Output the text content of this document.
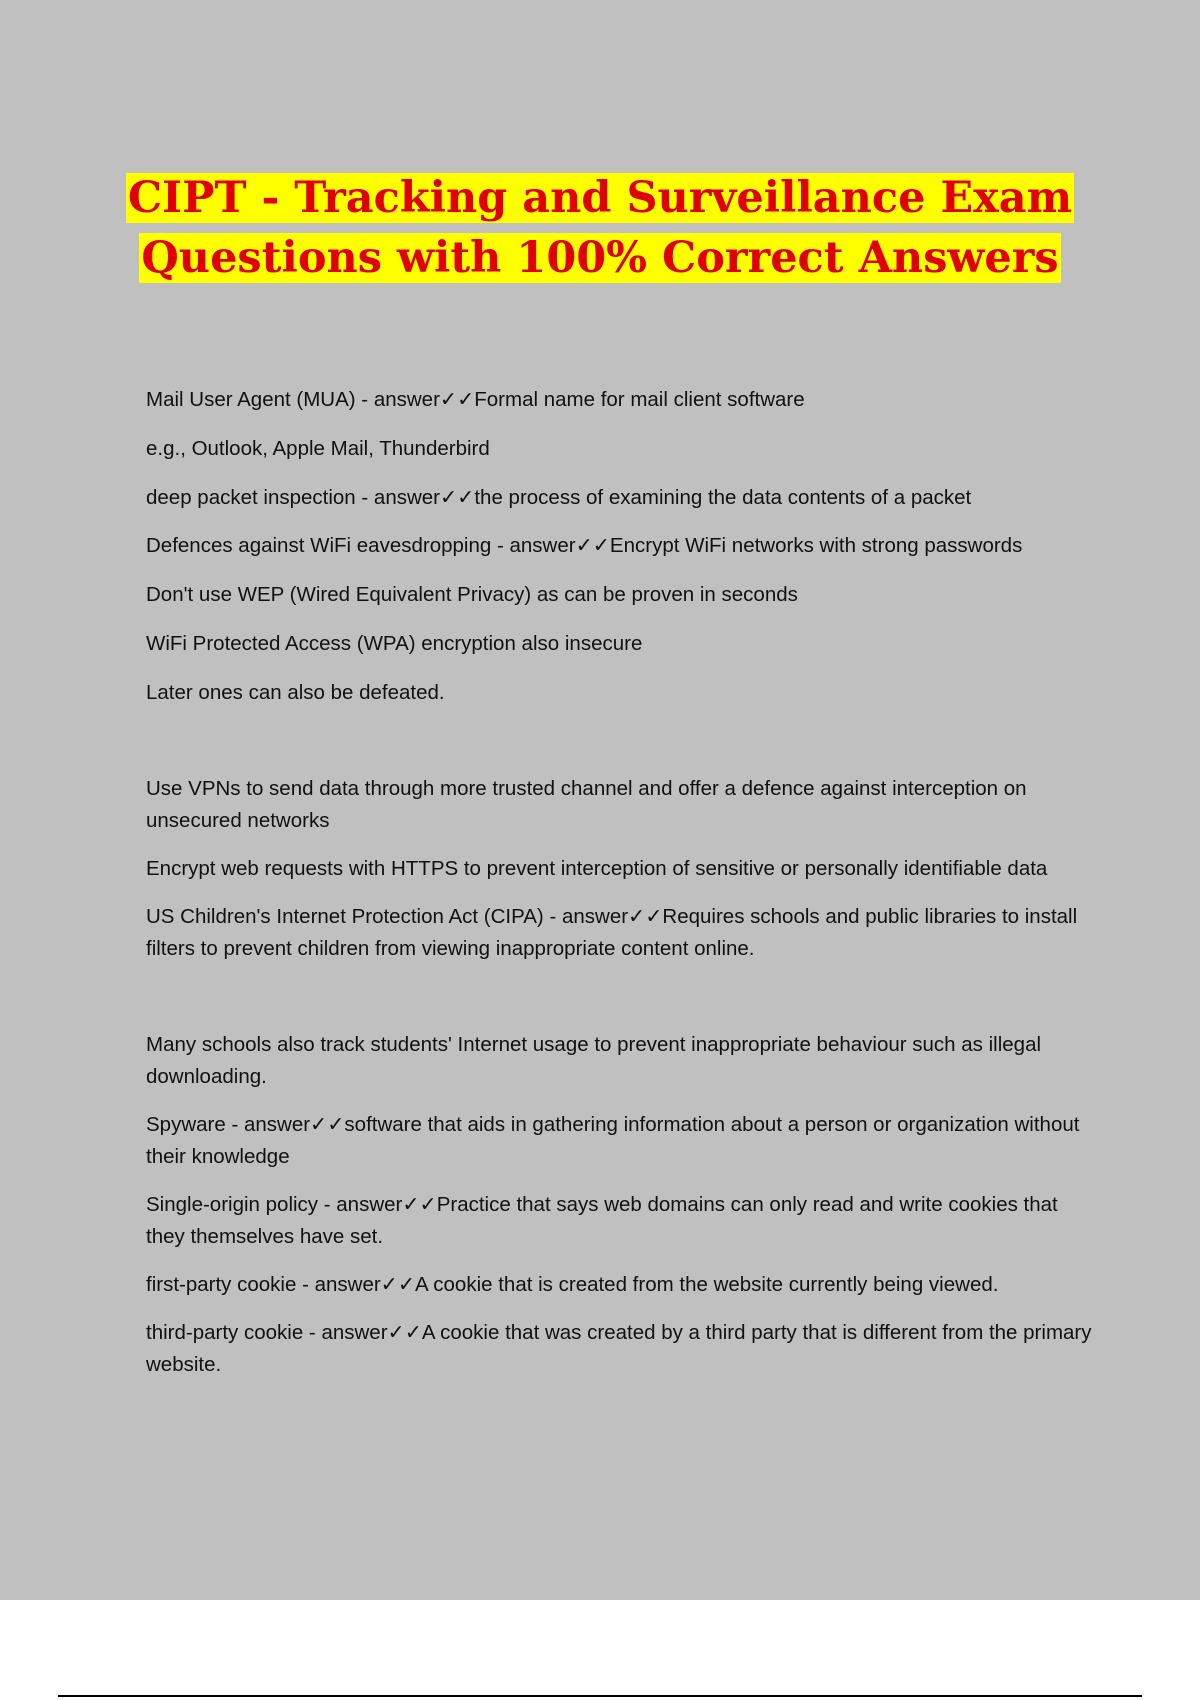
CIPT - Tracking and Surveillance Exam
Questions with 100% Correct Answers

Mail User Agent (MUA) - answer✓✓Formal name for mail client software

e.g., Outlook, Apple Mail, Thunderbird

deep packet inspection - answer✓✓the process of examining the data contents of a packet

Defences against WiFi eavesdropping - answer✓✓Encrypt WiFi networks with strong passwords

Don't use WEP (Wired Equivalent Privacy) as can be proven in seconds

WiFi Protected Access (WPA) encryption also insecure

Later ones can also be defeated.

Use VPNs to send data through more trusted channel and offer a defence against interception on unsecured networks

Encrypt web requests with HTTPS to prevent interception of sensitive or personally identifiable data

US Children's Internet Protection Act (CIPA) - answer✓✓Requires schools and public libraries to install filters to prevent children from viewing inappropriate content online.

Many schools also track students' Internet usage to prevent inappropriate behaviour such as illegal downloading.

Spyware - answer✓✓software that aids in gathering information about a person or organization without their knowledge

Single-origin policy - answer✓✓Practice that says web domains can only read and write cookies that they themselves have set.

first-party cookie - answer✓✓A cookie that is created from the website currently being viewed.

third-party cookie - answer✓✓A cookie that was created by a third party that is different from the primary website.
